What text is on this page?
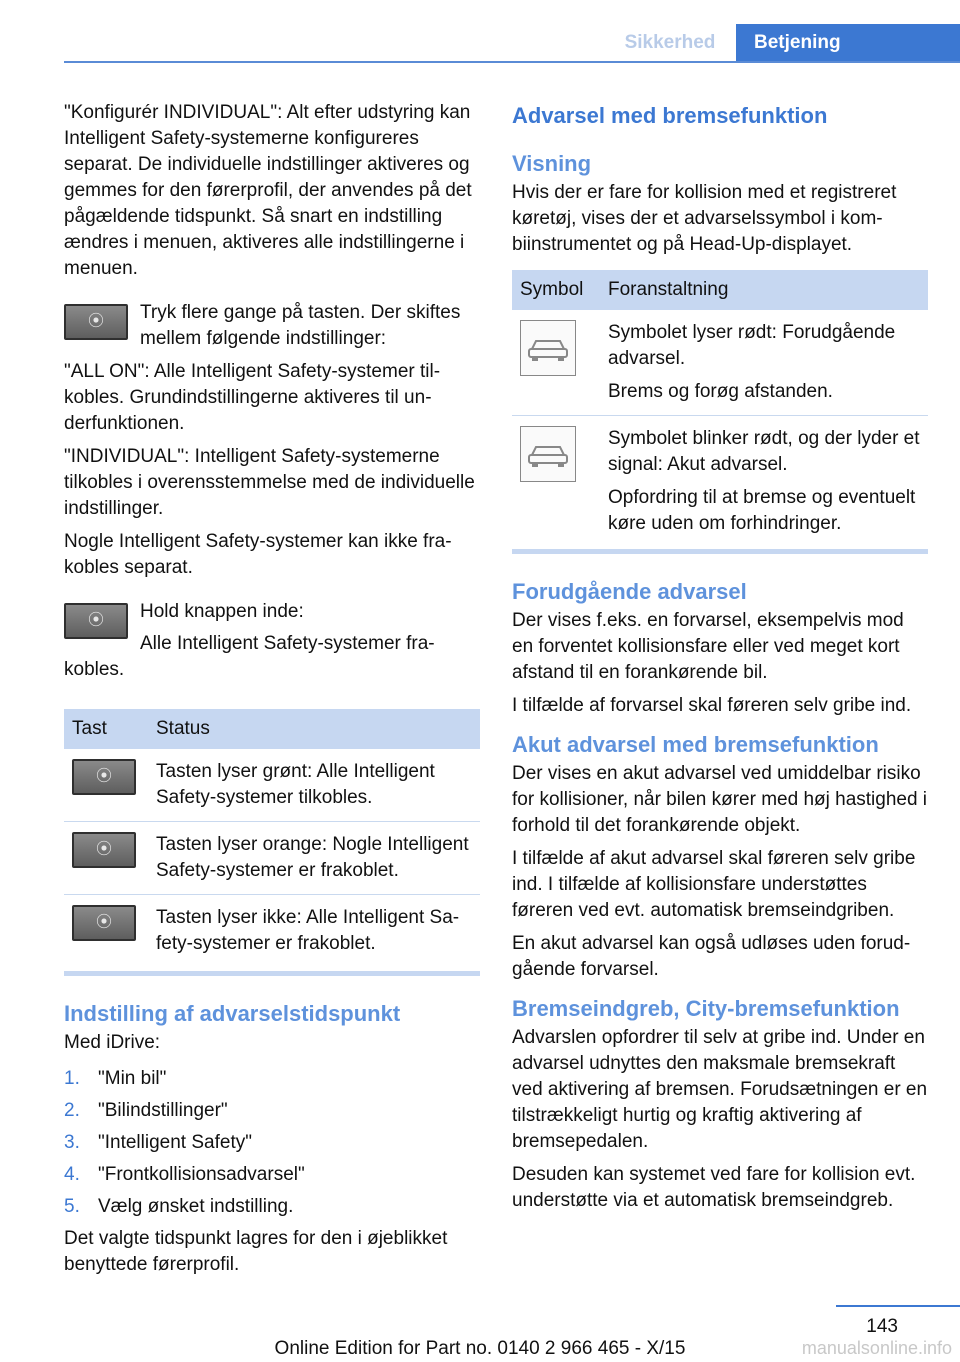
Sikkerhed	Betjening

"Konfigurér INDIVIDUAL": Alt efter udstyring kan Intelligent Safety-systemerne konfigureres separat. De individuelle indstillinger aktiveres og gemmes for den førerprofil, der anvendes på det pågældende tidspunkt. Så snart en indstilling ændres i menuen, aktiveres alle indstillingerne i menuen.

⦿	Tryk flere gange på tasten. Der skiftes mellem følgende indstillinger:

"ALL ON": Alle Intelligent Safety-systemer tilkobles. Grundindstillingerne aktiveres til underfunktionen.

"INDIVIDUAL": Intelligent Safety-systemerne tilkobles i overensstemmelse med de individuelle indstillinger.

Nogle Intelligent Safety-systemer kan ikke frakobles separat.

⦿	Hold knappen inde:

Alle Intelligent Safety-systemer frakobles.

Tast	Status

⦿	Tasten lyser grønt: Alle Intelligent Safety-systemer tilkobles.

⦿	Tasten lyser orange: Nogle Intelligent Safety-systemer er frakoblet.

⦿	Tasten lyser ikke: Alle Intelligent Safety-systemer er frakoblet.
Indstilling af advarselstidspunkt

Med iDrive:

1. "Min bil"
2. "Bilindstillinger"
3. "Intelligent Safety"
4. "Frontkollisionsadvarsel"
5. Vælg ønsket indstilling.

Det valgte tidspunkt lagres for den i øjeblikket benyttede førerprofil.

Advarsel med bremsefunktion
Visning

Hvis der er fare for kollision med et registreret køretøj, vises der et advarselssymbol i kombiinstrumentet og på Head-Up-displayet.

Symbol	Foranstaltning

Symbolet lyser rødt: Forudgående advarsel.

Brems og forøg afstanden.

Symbolet blinker rødt, og der lyder et signal: Akut advarsel.

Opfordring til at bremse og eventuelt køre uden om forhindringer.

Forudgående advarsel

Der vises f.eks. en forvarsel, eksempelvis mod en forventet kollisionsfare eller ved meget kort afstand til en forankørende bil.

I tilfælde af forvarsel skal føreren selv gribe ind.

Akut advarsel med bremsefunktion

Der vises en akut advarsel ved umiddelbar risiko for kollisioner, når bilen kører med høj hastighed i forhold til det forankørende objekt.

I tilfælde af akut advarsel skal føreren selv gribe ind. I tilfælde af kollisionsfare understøttes føreren ved evt. automatisk bremseindgriben.

En akut advarsel kan også udløses uden forudgående forvarsel.

Bremseindgreb, City-bremsefunktion

Advarslen opfordrer til selv at gribe ind. Under en advarsel udnyttes den maksmale bremsekraft ved aktivering af bremsen. Forudsætningen er en tilstrækkeligt hurtig og kraftig aktivering af bremsepedalen.

Desuden kan systemet ved fare for kollision evt. understøtte via et automatisk bremseindgreb.

143
Online Edition for Part no. 0140 2 966 465 - X/15	manualsonline.info
